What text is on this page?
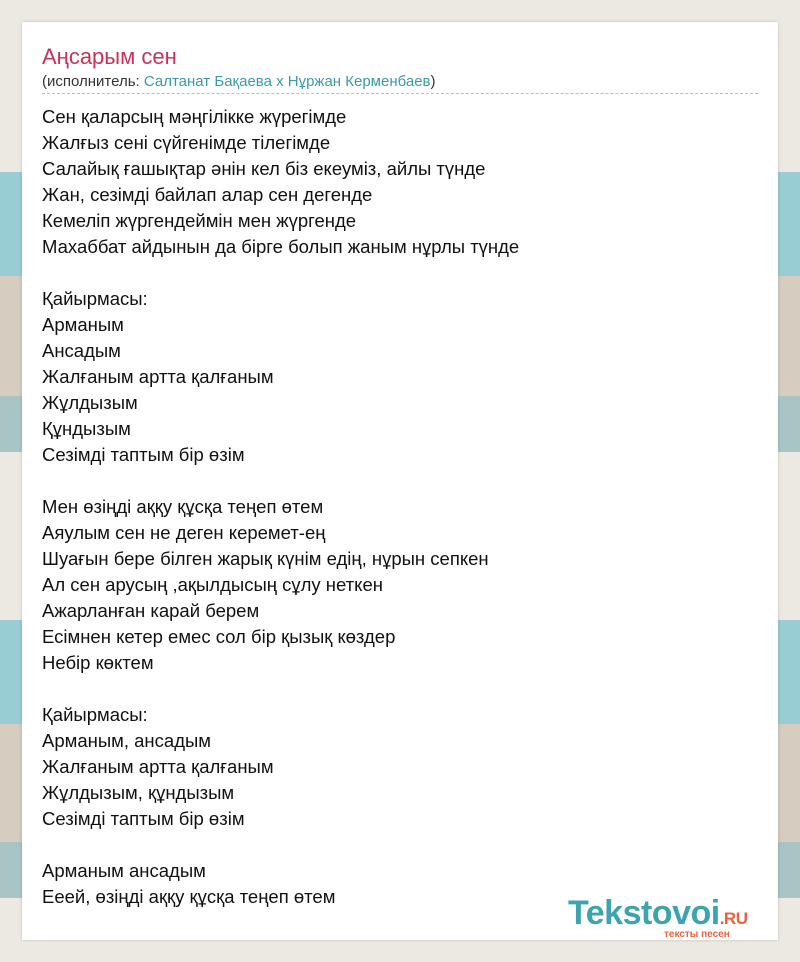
Аңсарым сен
(исполнитель: Салтанат Бақаева x Нұржан Керменбаев)
Сен қаларсың мәңгілікке жүрегімде
Жалғыз сені сүйгенімде тілегімде
Салайық ғашықтар әнін кел біз екеуміз, айлы түнде
Жан, сезімді байлап алар сен дегенде
Кемеліп жүргендеймін мен жүргенде
Махаббат айдынын да бірге болып жаным нұрлы түнде
Қайырмасы:
Арманым
Ансадым
Жалғаным артта қалғаным
Жұлдызым
Құндызым
Сезімді таптым бір өзім
Мен өзіңді аққу құсқа теңеп өтем
Аяулым сен не деген керемет-ең
Шуағын бере білген жарық күнім едің, нұрын сепкен
Ал сен арусың ,ақылдысың сұлу неткен
Ажарланған карай берем
Есімнен кетер емес сол бір қызық көздер
Небір көктем
Қайырмасы:
Арманым, ансадым
Жалғаным артта қалғаным
Жұлдызым, құндызым
Сезімді таптым бір өзім
Арманым ансадым
Ееей, өзіңді аққу құсқа теңеп өтем	Tekstovoi.RU
тексты песен
